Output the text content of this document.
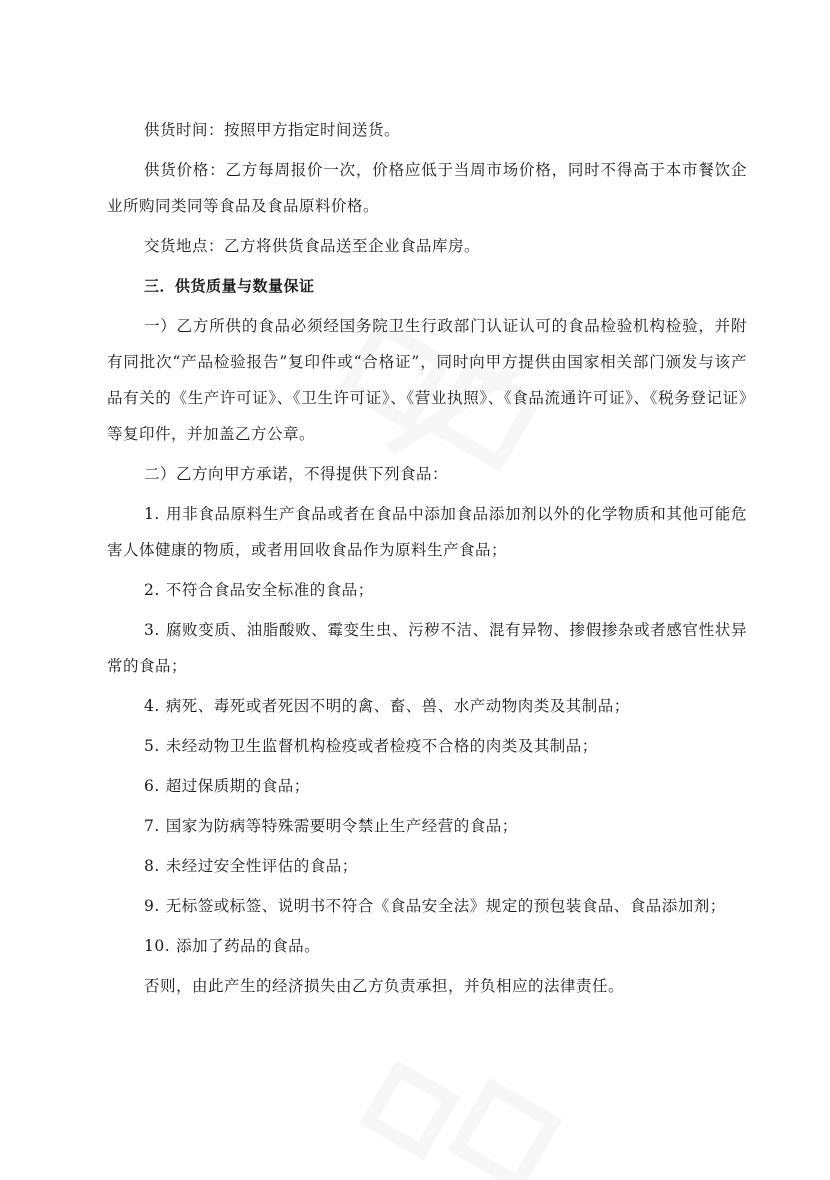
供货时间：按照甲方指定时间送货。

供货价格：乙方每周报价一次，价格应低于当周市场价格，同时不得高于本市餐饮企业所购同类同等食品及食品原料价格。

交货地点：乙方将供货食品送至企业食品库房。

三．供货质量与数量保证

一）乙方所供的食品必须经国务院卫生行政部门认证认可的食品检验机构检验，并附有同批次“产品检验报告”复印件或“合格证”，同时向甲方提供由国家相关部门颁发与该产品有关的《生产许可证》、《卫生许可证》、《营业执照》、《食品流通许可证》、《税务登记证》等复印件，并加盖乙方公章。

二）乙方向甲方承诺，不得提供下列食品：

1. 用非食品原料生产食品或者在食品中添加食品添加剂以外的化学物质和其他可能危害人体健康的物质，或者用回收食品作为原料生产食品；

2. 不符合食品安全标准的食品；

3. 腐败变质、油脂酸败、霉变生虫、污秽不洁、混有异物、掺假掺杂或者感官性状异常的食品；

4. 病死、毒死或者死因不明的禽、畜、兽、水产动物肉类及其制品；

5. 未经动物卫生监督机构检疫或者检疫不合格的肉类及其制品；

6. 超过保质期的食品；

7. 国家为防病等特殊需要明令禁止生产经营的食品；

8. 未经过安全性评估的食品；

9. 无标签或标签、说明书不符合《食品安全法》规定的预包装食品、食品添加剂；

10. 添加了药品的食品。

否则，由此产生的经济损失由乙方负责承担，并负相应的法律责任。
